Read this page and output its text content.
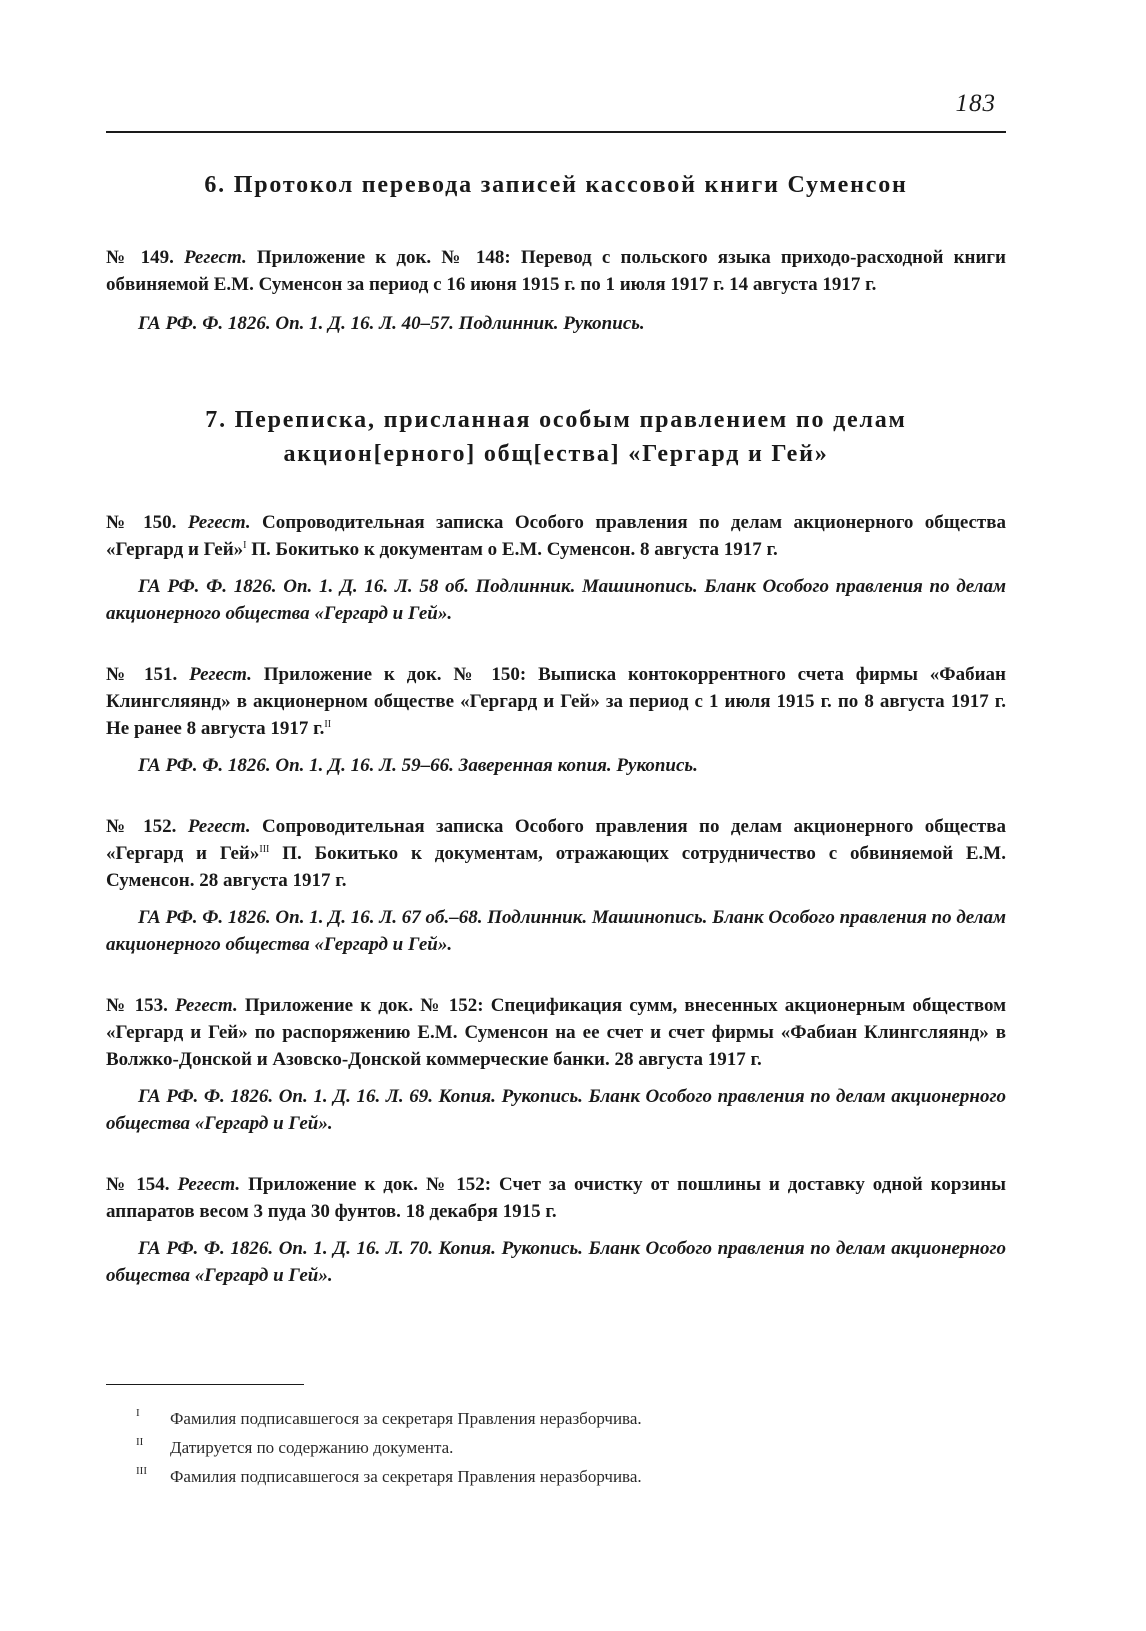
183
6. Протокол перевода записей кассовой книги Суменсон

№ 149. Регест. Приложение к док. № 148: Перевод с польского языка приходо-расходной книги обвиняемой Е.М. Суменсон за период с 16 июня 1915 г. по 1 июля 1917 г. 14 августа 1917 г.

ГА РФ. Ф. 1826. Оп. 1. Д. 16. Л. 40–57. Подлинник. Рукопись.

7. Переписка, присланная особым правлением по делам
акцион[ерного] общ[ества] «Гергард и Гей»

№ 150. Регест. Сопроводительная записка Особого правления по делам акционерного общества «Гергард и Гей»$^I$ П. Бокитько к документам о Е.М. Суменсон. 8 августа 1917 г.

ГА РФ. Ф. 1826. Оп. 1. Д. 16. Л. 58 об. Подлинник. Машинопись. Бланк Особого правления по делам акционерного общества «Гергард и Гей».

№ 151. Регест. Приложение к док. № 150: Выписка контокоррентного счета фирмы «Фабиан Клингсляянд» в акционерном обществе «Гергард и Гей» за период с 1 июля 1915 г. по 8 августа 1917 г. Не ранее 8 августа 1917 г.$^{II}$

ГА РФ. Ф. 1826. Оп. 1. Д. 16. Л. 59–66. Заверенная копия. Рукопись.

№ 152. Регест. Сопроводительная записка Особого правления по делам акционерного общества «Гергард и Гей»$^{III}$ П. Бокитько к документам, отражающих сотрудничество с обвиняемой Е.М. Суменсон. 28 августа 1917 г.

ГА РФ. Ф. 1826. Оп. 1. Д. 16. Л. 67 об.–68. Подлинник. Машинопись. Бланк Особого правления по делам акционерного общества «Гергард и Гей».

№ 153. Регест. Приложение к док. № 152: Спецификация сумм, внесенных акционерным обществом «Гергард и Гей» по распоряжению Е.М. Суменсон на ее счет и счет фирмы «Фабиан Клингсляянд» в Волжко-Донской и Азовско-Донской коммерческие банки. 28 августа 1917 г.

ГА РФ. Ф. 1826. Оп. 1. Д. 16. Л. 69. Копия. Рукопись. Бланк Особого правления по делам акционерного общества «Гергард и Гей».

№ 154. Регест. Приложение к док. № 152: Счет за очистку от пошлины и доставку одной корзины аппаратов весом 3 пуда 30 фунтов. 18 декабря 1915 г.

ГА РФ. Ф. 1826. Оп. 1. Д. 16. Л. 70. Копия. Рукопись. Бланк Особого правления по делам акционерного общества «Гергард и Гей».

I	Фамилия подписавшегося за секретаря Правления неразборчива.

II	Датируется по содержанию документа.

III	Фамилия подписавшегося за секретаря Правления неразборчива.
